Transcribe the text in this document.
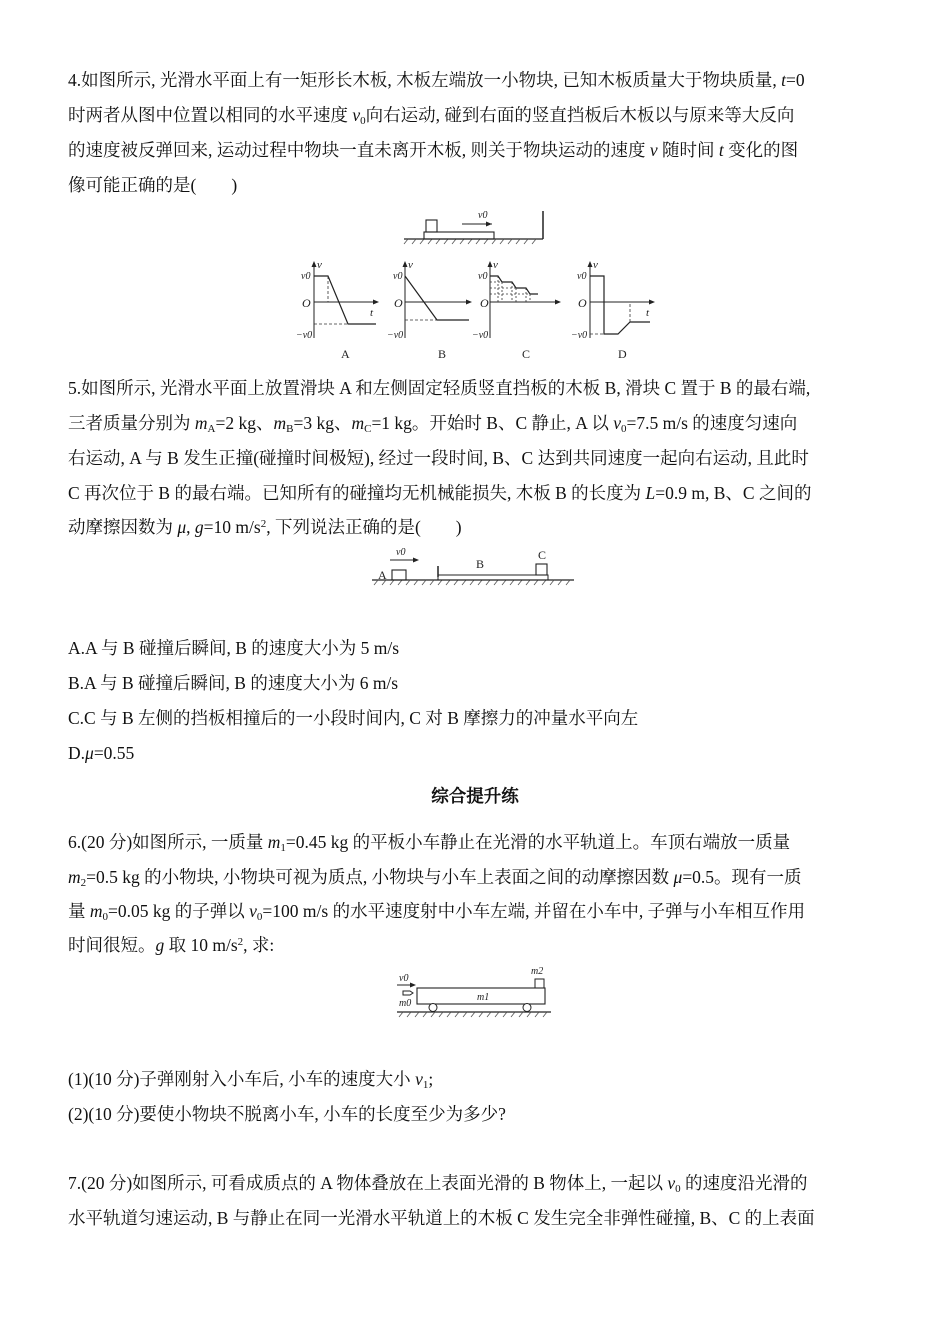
4.如图所示, 光滑水平面上有一矩形长木板, 木板左端放一小物块, 已知木板质量大于物块质量, t=0
时两者从图中位置以相同的水平速度 $v_0$向右运动, 碰到右面的竖直挡板后木板以与原来等大反向
的速度被反弹回来, 运动过程中物块一直未离开木板, 则关于物块运动的速度 v 随时间 t 变化的图
像可能正确的是(　　)
v0
v
t
v0
−v0
O
A
v
v0
−v0
O
B
v
v0
−v0
O
C
v
t
v0
−v0
O
D
5.如图所示, 光滑水平面上放置滑块 A 和左侧固定轻质竖直挡板的木板 B, 滑块 C 置于 B 的最右端,
三者质量分别为 $m_A=2$ kg、$m_B=3$ kg、$m_C=1$ kg。开始时 B、C 静止, A 以 $v_0=7.5$ m/s 的速度匀速向
右运动, A 与 B 发生正撞(碰撞时间极短), 经过一段时间, B、C 达到共同速度一起向右运动, 且此时
C 再次位于 B 的最右端。已知所有的碰撞均无机械能损失, 木板 B 的长度为 L=0.9 m, B、C 之间的
动摩擦因数为 μ, g=10 $m/s^2$, 下列说法正确的是(　　)
A
v0
B
C
A.A 与 B 碰撞后瞬间, B 的速度大小为 5 m/s
B.A 与 B 碰撞后瞬间, B 的速度大小为 6 m/s
C.C 与 B 左侧的挡板相撞后的一小段时间内, C 对 B 摩擦力的冲量水平向左
D.μ=0.55
综合提升练
6.(20 分)如图所示, 一质量 $m_1=0.45$ kg 的平板小车静止在光滑的水平轨道上。车顶右端放一质量
$m_2=0.5$ kg 的小物块, 小物块可视为质点, 小物块与小车上表面之间的动摩擦因数 μ=0.5。现有一质
量 $m_0=0.05$ kg 的子弹以 $v_0=100$ m/s 的水平速度射中小车左端, 并留在小车中, 子弹与小车相互作用
时间很短。g 取 10 $m/s^2$, 求:
m2
m1
v0
m0
(1)(10 分)子弹刚射入小车后, 小车的速度大小 $v_1$;
(2)(10 分)要使小物块不脱离小车, 小车的长度至少为多少?
7.(20 分)如图所示, 可看成质点的 A 物体叠放在上表面光滑的 B 物体上, 一起以 $v_0$ 的速度沿光滑的
水平轨道匀速运动, B 与静止在同一光滑水平轨道上的木板 C 发生完全非弹性碰撞, B、C 的上表面
